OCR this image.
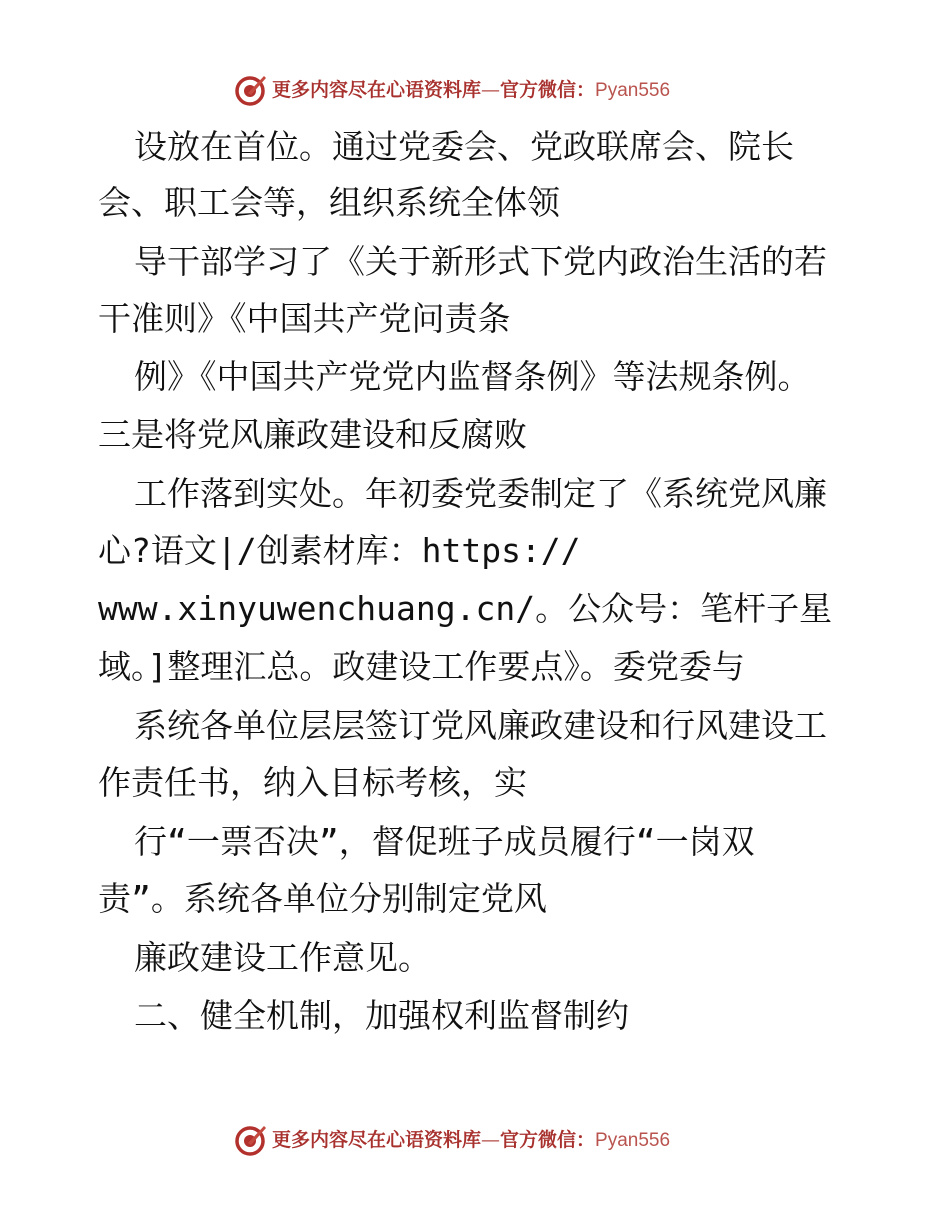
更多内容尽在心语资料库—官方微信：Pyan556
设放在首位。通过党委会、党政联席会、院长
会、职工会等，组织系统全体领
导干部学习了《关于新形式下党内政治生活的若
干准则》《中国共产党问责条
例》《中国共产党党内监督条例》等法规条例。
三是将党风廉政建设和反腐败
工作落到实处。年初委党委制定了《系统党风廉
心?语文|/创素材库：https://
www.xinyuwenchuang.cn/。公众号：笔杆子星
域。]整理汇总。政建设工作要点》。委党委与
系统各单位层层签订党风廉政建设和行风建设工
作责任书，纳入目标考核，实
行“一票否决”，督促班子成员履行“一岗双
责”。系统各单位分别制定党风
廉政建设工作意见。
二、健全机制，加强权利监督制约
更多内容尽在心语资料库—官方微信：Pyan556
